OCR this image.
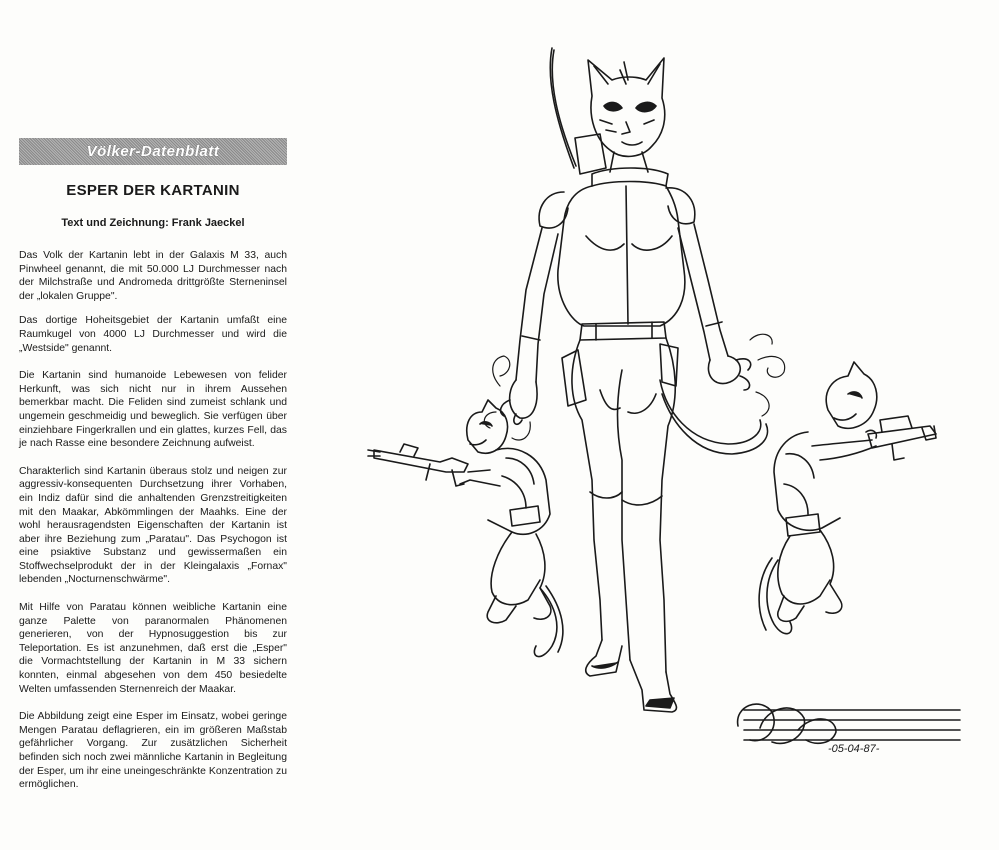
Völker-Datenblatt
ESPER DER KARTANIN

Text und Zeichnung: Frank Jaeckel

Das Volk der Kartanin lebt in der Galaxis M 33, auch Pinwheel genannt, die mit 50.000 LJ Durchmesser nach der Milchstraße und Andromeda drittgrößte Sterneninsel der „lokalen Gruppe".

Das dortige Hoheitsgebiet der Kartanin umfaßt eine Raumkugel von 4000 LJ Durchmesser und wird die „Westside" genannt.

Die Kartanin sind humanoide Lebewesen von felider Herkunft, was sich nicht nur in ihrem Aussehen bemerkbar macht. Die Feliden sind zumeist schlank und ungemein geschmeidig und beweglich. Sie verfügen über einziehbare Fingerkrallen und ein glattes, kurzes Fell, das je nach Rasse eine besondere Zeichnung aufweist.

Charakterlich sind Kartanin überaus stolz und neigen zur aggressiv-konsequenten Durchsetzung ihrer Vorhaben, ein Indiz dafür sind die anhaltenden Grenzstreitigkeiten mit den Maakar, Abkömmlingen der Maahks. Eine der wohl herausragendsten Eigenschaften der Kartanin ist aber ihre Beziehung zum „Paratau". Das Psychogon ist eine psiaktive Substanz und gewissermaßen ein Stoffwechselprodukt der in der Kleingalaxis „Fornax" lebenden „Nocturnenschwärme".

Mit Hilfe von Paratau können weibliche Kartanin eine ganze Palette von paranormalen Phänomenen generieren, von der Hypnosuggestion bis zur Teleportation. Es ist anzunehmen, daß erst die „Esper" die Vormachtstellung der Kartanin in M 33 sichern konnten, einmal abgesehen von dem 450 besiedelte Welten umfassenden Sternenreich der Maakar.

Die Abbildung zeigt eine Esper im Einsatz, wobei geringe Mengen Paratau deflagrieren, ein im größeren Maßstab gefährlicher Vorgang. Zur zusätzlichen Sicherheit befinden sich noch zwei männliche Kartanin in Begleitung der Esper, um ihr eine uneingeschränkte Konzentration zu ermöglichen.

-05-04-87-
